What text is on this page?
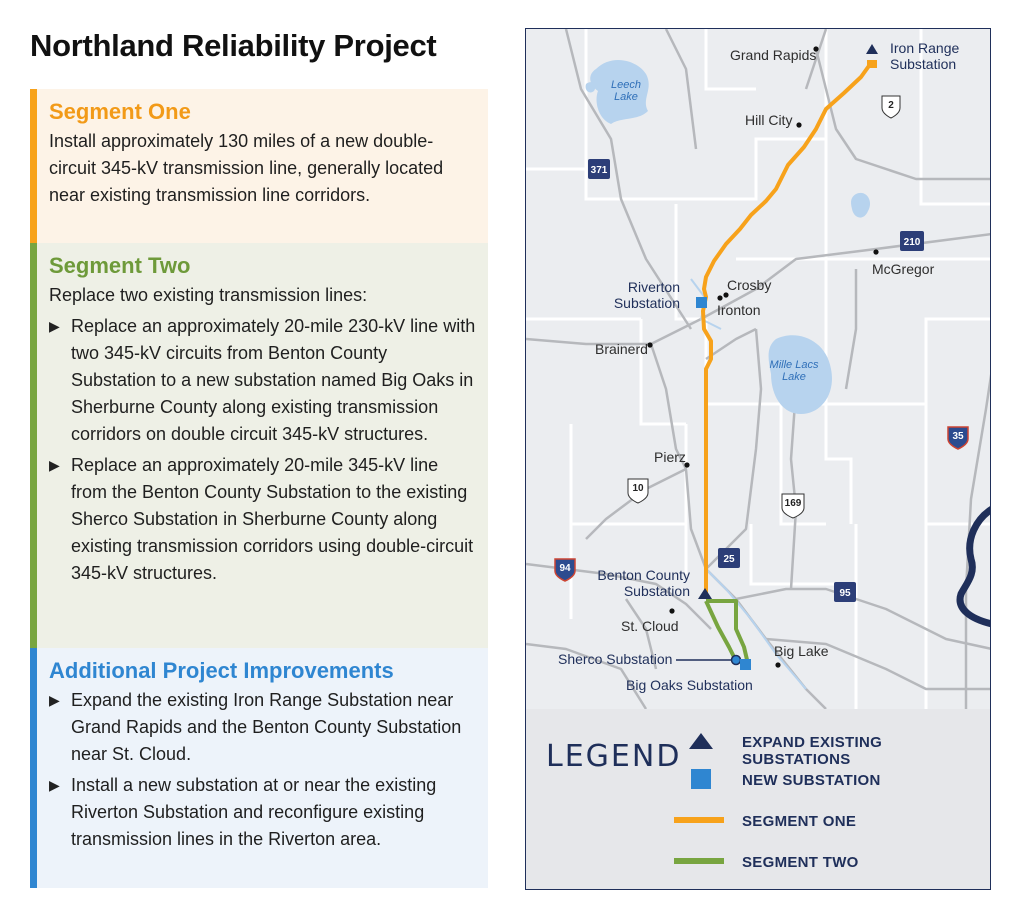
Northland Reliability Project
Segment One

Install approximately 130 miles of a new double-circuit 345-kV transmission line, generally located near existing transmission line corridors.

Segment Two

Replace two existing transmission lines:

▶ Replace an approximately 20-mile 230-kV line with two 345-kV circuits from Benton County Substation to a new substation named Big Oaks in Sherburne County along existing transmission corridors on double circuit 345-kV structures.
▶ Replace an approximately 20-mile 345-kV line from the Benton County Substation to the existing Sherco Substation in Sherburne County along existing transmission corridors using double-circuit 345-kV structures.
Additional Project Improvements
▶ Expand the existing Iron Range Substation near Grand Rapids and the Benton County Substation near St. Cloud.
▶ Install a new substation at or near the existing Riverton Substation and reconfigure existing transmission lines in the Riverton area.
2
371
210
10
169
25
94
95
35
Leech
Lake
Mille Lacs
Lake
Grand Rapids	Iron Range
Substation
Hill City
Crosby
Ironton
Riverton
Substation
McGregor
Brainerd
Pierz
Benton County
Substation
St. Cloud
Sherco Substation	Big Lake
Big Oaks Substation
LEGEND	EXPAND EXISTING SUBSTATIONS
NEW SUBSTATION
SEGMENT ONE
SEGMENT TWO
